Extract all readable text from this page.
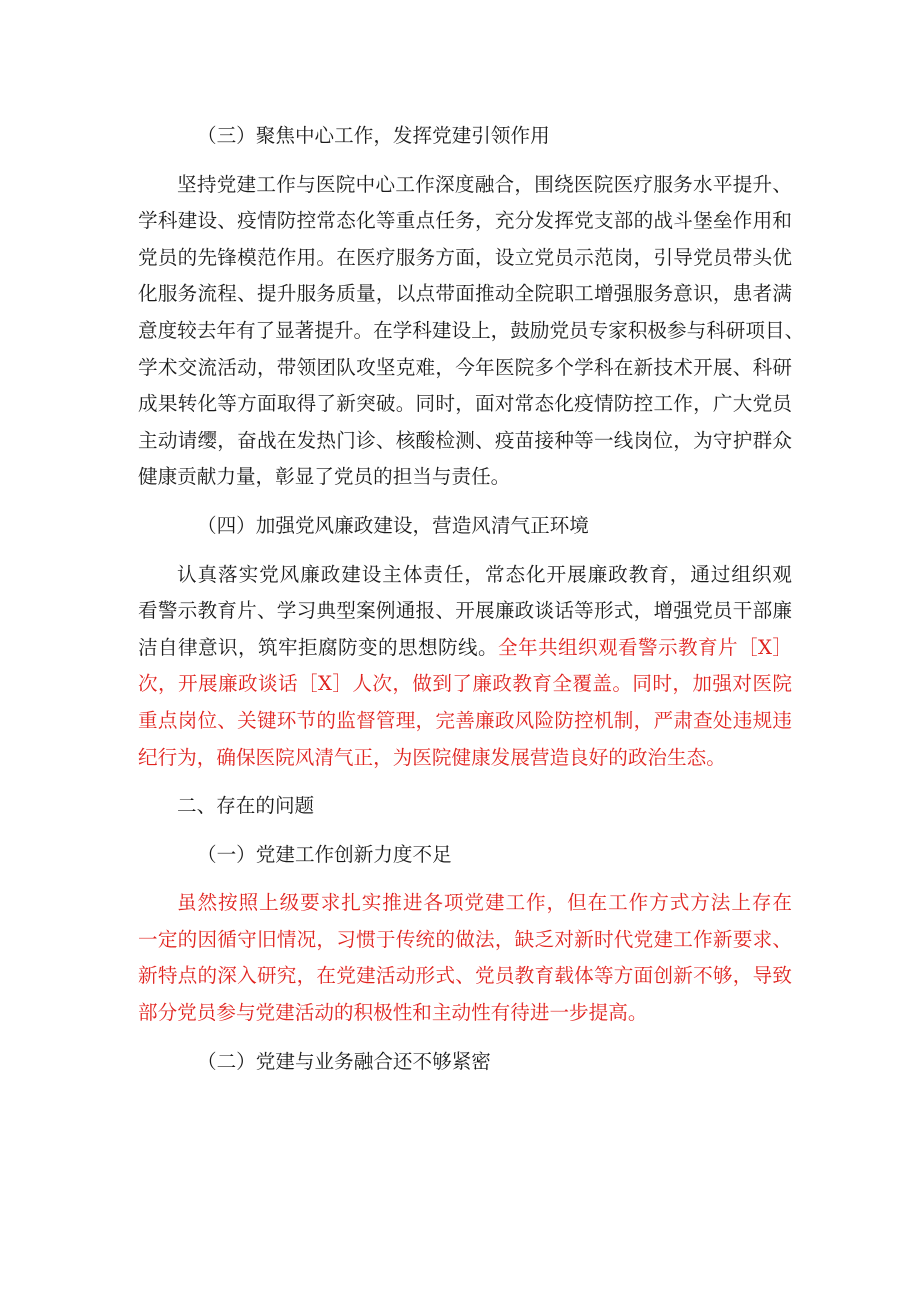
（三）聚焦中心工作，发挥党建引领作用
坚持党建工作与医院中心工作深度融合，围绕医院医疗服务水平提升、
学科建设、疫情防控常态化等重点任务，充分发挥党支部的战斗堡垒作用和
党员的先锋模范作用。在医疗服务方面，设立党员示范岗，引导党员带头优
化服务流程、提升服务质量，以点带面推动全院职工增强服务意识，患者满
意度较去年有了显著提升。在学科建设上，鼓励党员专家积极参与科研项目、
学术交流活动，带领团队攻坚克难，今年医院多个学科在新技术开展、科研
成果转化等方面取得了新突破。同时，面对常态化疫情防控工作，广大党员
主动请缨，奋战在发热门诊、核酸检测、疫苗接种等一线岗位，为守护群众
健康贡献力量，彰显了党员的担当与责任。
（四）加强党风廉政建设，营造风清气正环境
认真落实党风廉政建设主体责任，常态化开展廉政教育，通过组织观
看警示教育片、学习典型案例通报、开展廉政谈话等形式，增强党员干部廉
洁自律意识，筑牢拒腐防变的思想防线。全年共组织观看警示教育片［X］
次，开展廉政谈话［X］人次，做到了廉政教育全覆盖。同时，加强对医院
重点岗位、关键环节的监督管理，完善廉政风险防控机制，严肃查处违规违
纪行为，确保医院风清气正，为医院健康发展营造良好的政治生态。
二、存在的问题
（一）党建工作创新力度不足
虽然按照上级要求扎实推进各项党建工作，但在工作方式方法上存在
一定的因循守旧情况，习惯于传统的做法，缺乏对新时代党建工作新要求、
新特点的深入研究，在党建活动形式、党员教育载体等方面创新不够，导致
部分党员参与党建活动的积极性和主动性有待进一步提高。
（二）党建与业务融合还不够紧密
